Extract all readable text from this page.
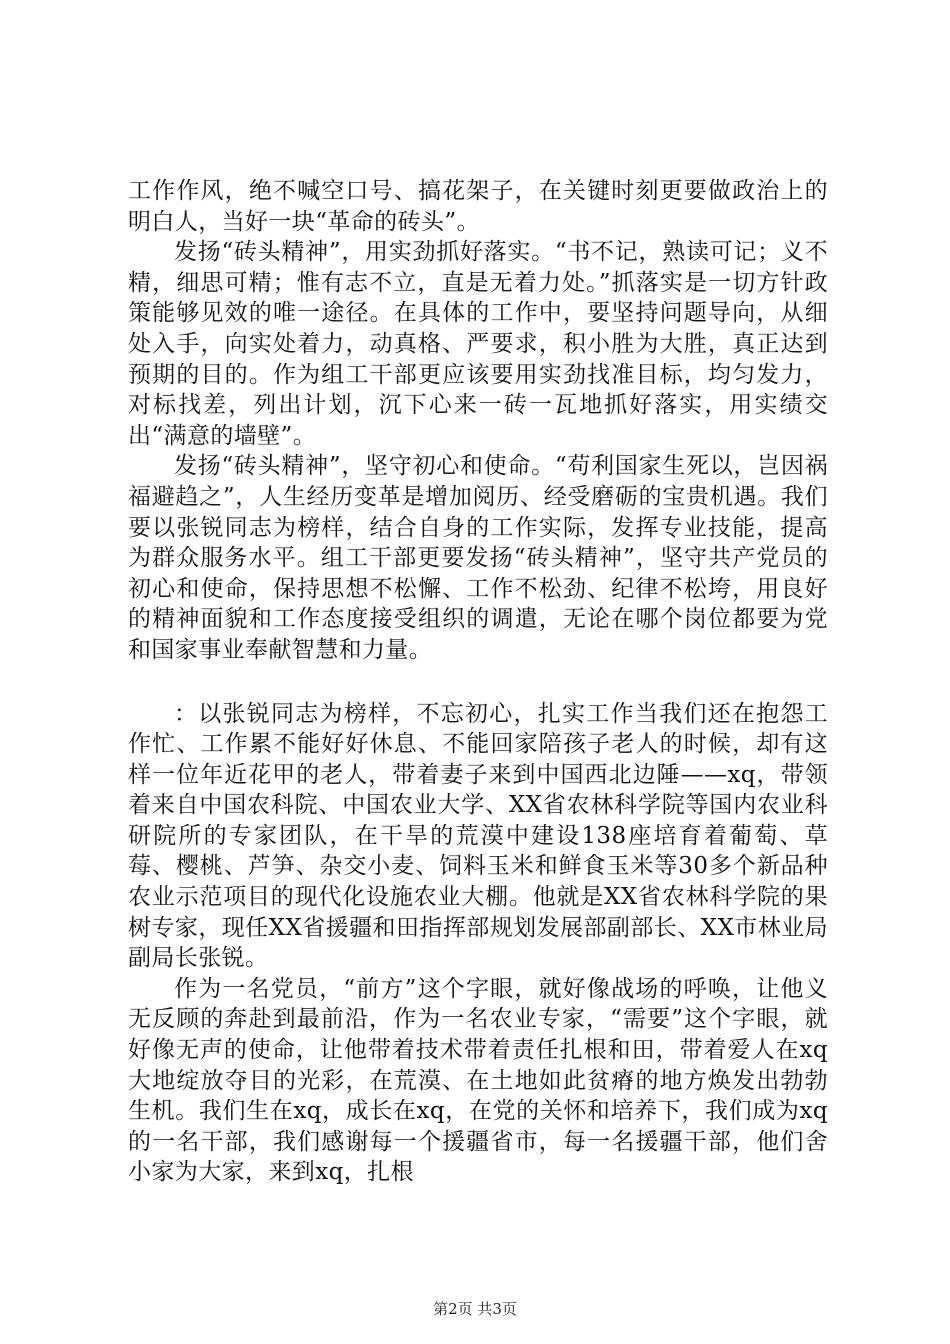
工作作风，绝不喊空口号、搞花架子，在关键时刻更要做政治上的明白人，当好一块“革命的砖头”。

发扬“砖头精神”，用实劲抓好落实。“书不记，熟读可记；义不精，细思可精；惟有志不立，直是无着力处。”抓落实是一切方针政策能够见效的唯一途径。在具体的工作中，要坚持问题导向，从细处入手，向实处着力，动真格、严要求，积小胜为大胜，真正达到预期的目的。作为组工干部更应该要用实劲找准目标，均匀发力，对标找差，列出计划，沉下心来一砖一瓦地抓好落实，用实绩交出“满意的墙壁”。

发扬“砖头精神”，坚守初心和使命。“苟利国家生死以，岂因祸福避趋之”，人生经历变革是增加阅历、经受磨砺的宝贵机遇。我们要以张锐同志为榜样，结合自身的工作实际，发挥专业技能，提高为群众服务水平。组工干部更要发扬“砖头精神”，坚守共产党员的初心和使命，保持思想不松懈、工作不松劲、纪律不松垮，用良好的精神面貌和工作态度接受组织的调遣，无论在哪个岗位都要为党和国家事业奉献智慧和力量。

：以张锐同志为榜样，不忘初心，扎实工作当我们还在抱怨工作忙、工作累不能好好休息、不能回家陪孩子老人的时候，却有这样一位年近花甲的老人，带着妻子来到中国西北边陲——xq，带领着来自中国农科院、中国农业大学、XX省农林科学院等国内农业科研院所的专家团队，在干旱的荒漠中建设138座培育着葡萄、草莓、樱桃、芦笋、杂交小麦、饲料玉米和鲜食玉米等30多个新品种农业示范项目的现代化设施农业大棚。他就是XX省农林科学院的果树专家，现任XX省援疆和田指挥部规划发展部副部长、XX市林业局副局长张锐。

作为一名党员，“前方”这个字眼，就好像战场的呼唤，让他义无反顾的奔赴到最前沿，作为一名农业专家，“需要”这个字眼，就好像无声的使命，让他带着技术带着责任扎根和田，带着爱人在xq大地绽放夺目的光彩，在荒漠、在土地如此贫瘠的地方焕发出勃勃生机。我们生在xq，成长在xq，在党的关怀和培养下，我们成为xq的一名干部，我们感谢每一个援疆省市，每一名援疆干部，他们舍小家为大家，来到xq，扎根

第2页 共3页
